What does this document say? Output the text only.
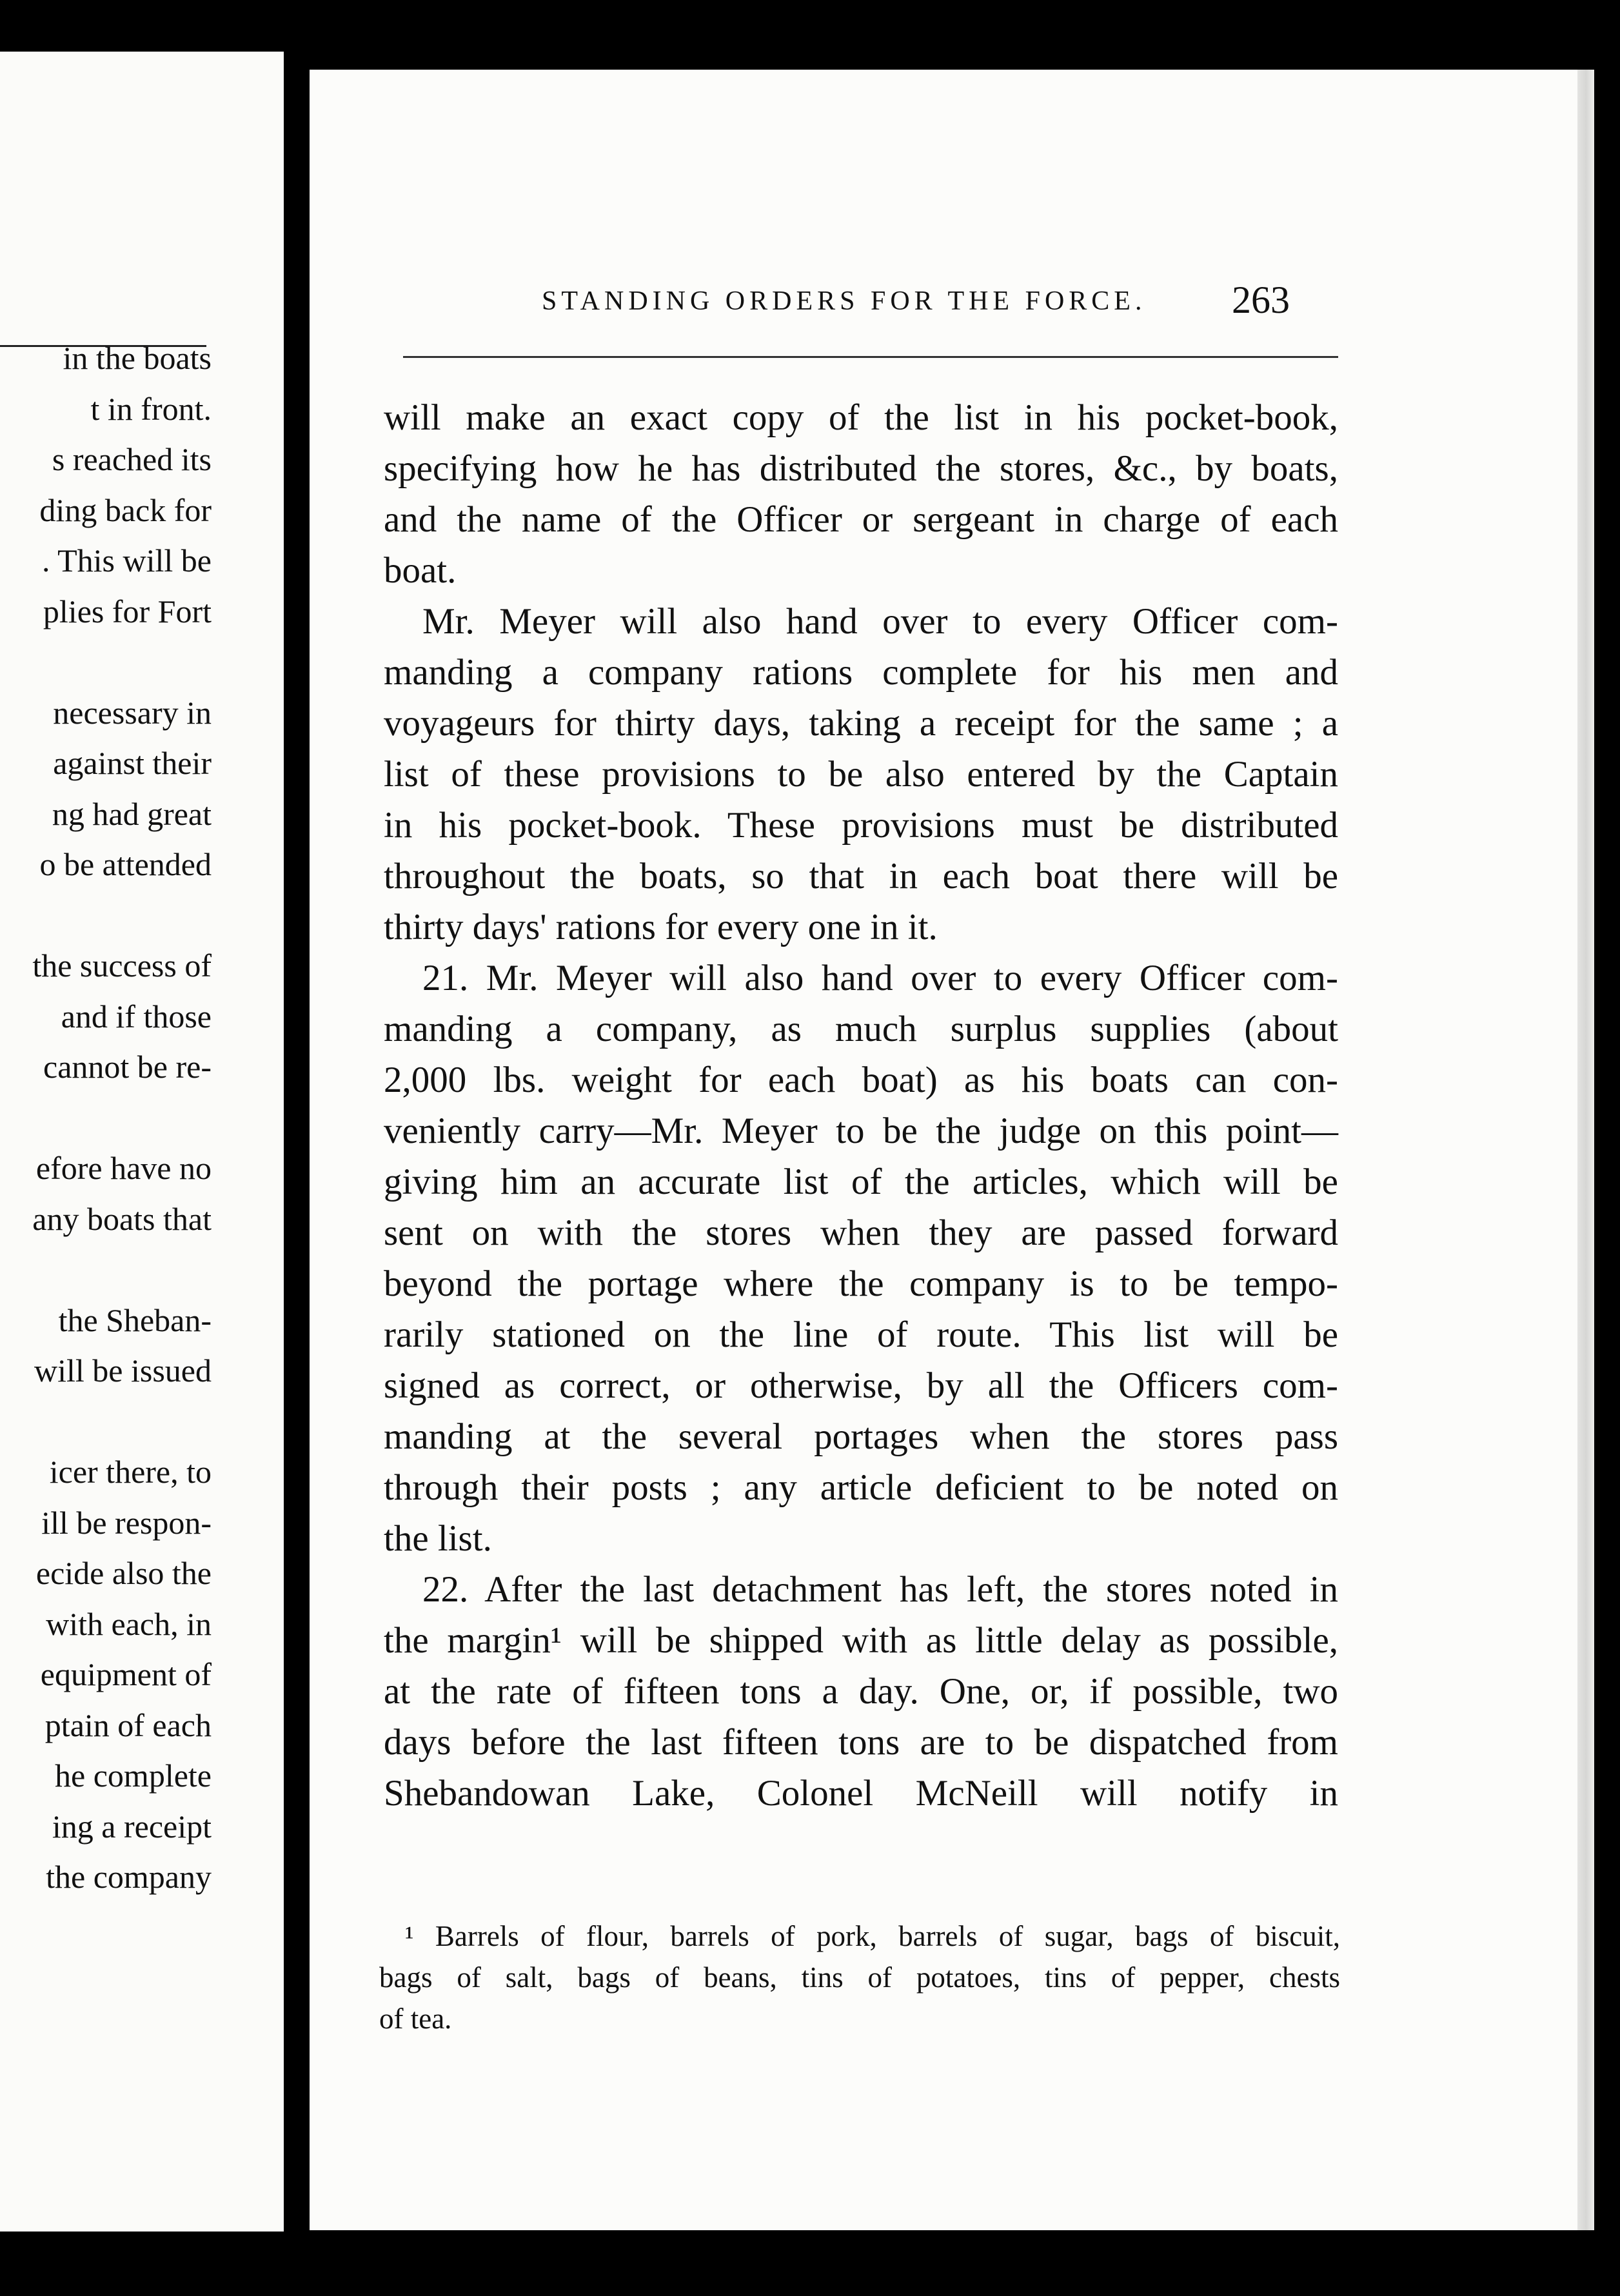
in the boats
t in front.
s reached its
ding back for
. This will be
plies for Fort
necessary in
against their
ng had great
o be attended
the success of
and if those
cannot be re-
efore have no
any boats that
the Sheban-
will be issued
icer there, to
ill be respon-
ecide also the
with each, in
equipment of
ptain of each
he complete
ing a receipt
the company
STANDING ORDERS FOR THE FORCE.	263
will make an exact copy of the list in his pocket-book,
specifying how he has distributed the stores, &c., by boats,
and the name of the Officer or sergeant in charge of each
boat.
Mr. Meyer will also hand over to every Officer com-
manding a company rations complete for his men and
voyageurs for thirty days, taking a receipt for the same ; a
list of these provisions to be also entered by the Captain
in his pocket-book. These provisions must be distributed
throughout the boats, so that in each boat there will be
thirty days' rations for every one in it.
21. Mr. Meyer will also hand over to every Officer com-
manding a company, as much surplus supplies (about
2,000 lbs. weight for each boat) as his boats can con-
veniently carry—Mr. Meyer to be the judge on this point—
giving him an accurate list of the articles, which will be
sent on with the stores when they are passed forward
beyond the portage where the company is to be tempo-
rarily stationed on the line of route. This list will be
signed as correct, or otherwise, by all the Officers com-
manding at the several portages when the stores pass
through their posts ; any article deficient to be noted on
the list.
22. After the last detachment has left, the stores noted in
the margin¹ will be shipped with as little delay as possible,
at the rate of fifteen tons a day. One, or, if possible, two
days before the last fifteen tons are to be dispatched from
Shebandowan Lake, Colonel McNeill will notify in
¹ Barrels of flour, barrels of pork, barrels of sugar, bags of biscuit,
bags of salt, bags of beans, tins of potatoes, tins of pepper, chests
of tea.
